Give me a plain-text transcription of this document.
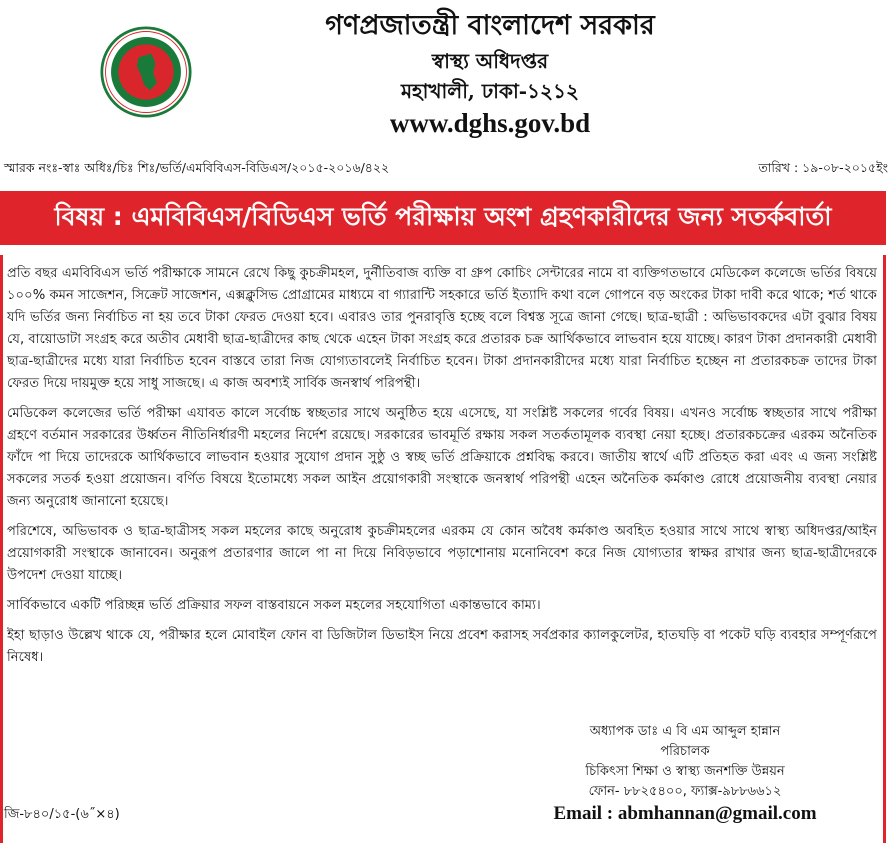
গণপ্রজাতন্ত্রী বাংলাদেশ সরকার
স্বাস্থ্য অধিদপ্তর
মহাখালী, ঢাকা-১২১২
www.dghs.gov.bd
স্মারক নংঃ-স্বাঃ অধিঃ/চিঃ শিঃ/ভর্তি/এমবিবিএস-বিডিএস/২০১৫-২০১৬/৪২২	তারিখ : ১৯-০৮-২০১৫ইং
বিষয় : এমবিবিএস/বিডিএস ভর্তি পরীক্ষায় অংশ গ্রহণকারীদের জন্য সতর্কবার্তা

প্রতি বছর এমবিবিএস ভর্তি পরীক্ষাকে সামনে রেখে কিছু কুচক্রীমহল, দুর্নীতিবাজ ব্যক্তি বা গ্রুপ কোচিং সেন্টারের নামে বা ব্যক্তিগতভাবে মেডিকেল কলেজে ভর্তির বিষয়ে ১০০% কমন সাজেশন, সিক্রেট সাজেশন, এক্সক্লুসিভ প্রোগ্রামের মাধ্যমে বা গ্যারান্টি সহকারে ভর্তি ইত্যাদি কথা বলে গোপনে বড় অংকের টাকা দাবী করে থাকে; শর্ত থাকে যদি ভর্তির জন্য নির্বাচিত না হয় তবে টাকা ফেরত দেওয়া হবে। এবারও তার পুনরাবৃত্তি হচ্ছে বলে বিশ্বস্ত সূত্রে জানা গেছে। ছাত্র-ছাত্রী : অভিভাবকদের এটা বুঝার বিষয় যে, বায়োডাটা সংগ্রহ করে অতীব মেধাবী ছাত্র-ছাত্রীদের কাছ থেকে এহেন টাকা সংগ্রহ করে প্রতারক চক্র আর্থিকভাবে লাভবান হয়ে যাচ্ছে। কারণ টাকা প্রদানকারী মেধাবী ছাত্র-ছাত্রীদের মধ্যে যারা নির্বাচিত হবেন বাস্তবে তারা নিজ যোগ্যতাবলেই নির্বাচিত হবেন। টাকা প্রদানকারীদের মধ্যে যারা নির্বাচিত হচ্ছেন না প্রতারকচক্র তাদের টাকা ফেরত দিয়ে দায়মুক্ত হয়ে সাধু সাজছে। এ কাজ অবশ্যই সার্বিক জনস্বার্থ পরিপন্থী।

মেডিকেল কলেজের ভর্তি পরীক্ষা এযাবত কালে সর্বোচ্চ স্বচ্ছতার সাথে অনুষ্ঠিত হয়ে এসেছে, যা সংশ্লিষ্ট সকলের গর্বের বিষয়। এখনও সর্বোচ্চ স্বচ্ছতার সাথে পরীক্ষা গ্রহণে বর্তমান সরকারের উর্ধ্বতন নীতিনির্ধারণী মহলের নির্দেশ রয়েছে। সরকারের ভাবমূর্তি রক্ষায় সকল সতর্কতামূলক ব্যবস্থা নেয়া হচ্ছে। প্রতারকচক্রের এরকম অনৈতিক ফাঁদে পা দিয়ে তাদেরকে আর্থিকভাবে লাভবান হওয়ার সুযোগ প্রদান সুষ্ঠু ও স্বচ্ছ ভর্তি প্রক্রিয়াকে প্রশ্নবিদ্ধ করবে। জাতীয় স্বার্থে এটি প্রতিহত করা এবং এ জন্য সংশ্লিষ্ট সকলের সতর্ক হওয়া প্রয়োজন। বর্ণিত বিষয়ে ইতোমধ্যে সকল আইন প্রয়োগকারী সংস্থাকে জনস্বার্থ পরিপন্থী এহেন অনৈতিক কর্মকাণ্ড রোধে প্রয়োজনীয় ব্যবস্থা নেয়ার জন্য অনুরোধ জানানো হয়েছে।

পরিশেষে, অভিভাবক ও ছাত্র-ছাত্রীসহ সকল মহলের কাছে অনুরোধ কুচক্রীমহলের এরকম যে কোন অবৈধ কর্মকাণ্ড অবহিত হওয়ার সাথে সাথে স্বাস্থ্য অধিদপ্তর/আইন প্রয়োগকারী সংস্থাকে জানাবেন। অনুরূপ প্রতারণার জালে পা না দিয়ে নিবিড়ভাবে পড়াশোনায় মনোনিবেশ করে নিজ যোগ্যতার স্বাক্ষর রাখার জন্য ছাত্র-ছাত্রীদেরকে উপদেশ দেওয়া যাচ্ছে।

সার্বিকভাবে একটি পরিচ্ছন্ন ভর্তি প্রক্রিয়ার সফল বাস্তবায়নে সকল মহলের সহযোগিতা একান্তভাবে কাম্য।

ইহা ছাড়াও উল্লেখ থাকে যে, পরীক্ষার হলে মোবাইল ফোন বা ডিজিটাল ডিভাইস নিয়ে প্রবেশ করাসহ সর্বপ্রকার ক্যালকুলেটর, হাতঘড়ি বা পকেট ঘড়ি ব্যবহার সম্পূর্ণরূপে নিষেধ।

অধ্যাপক ডাঃ এ বি এম আব্দুল হান্নান
পরিচালক
চিকিৎসা শিক্ষা ও স্বাস্থ্য জনশক্তি উন্নয়ন
ফোন- ৮৮২৫৪০০, ফ্যাক্স-৯৮৮৬৬১২
Email : abmhannan@gmail.com
জি-৮৪০/১৫-(৬˝×৪)
